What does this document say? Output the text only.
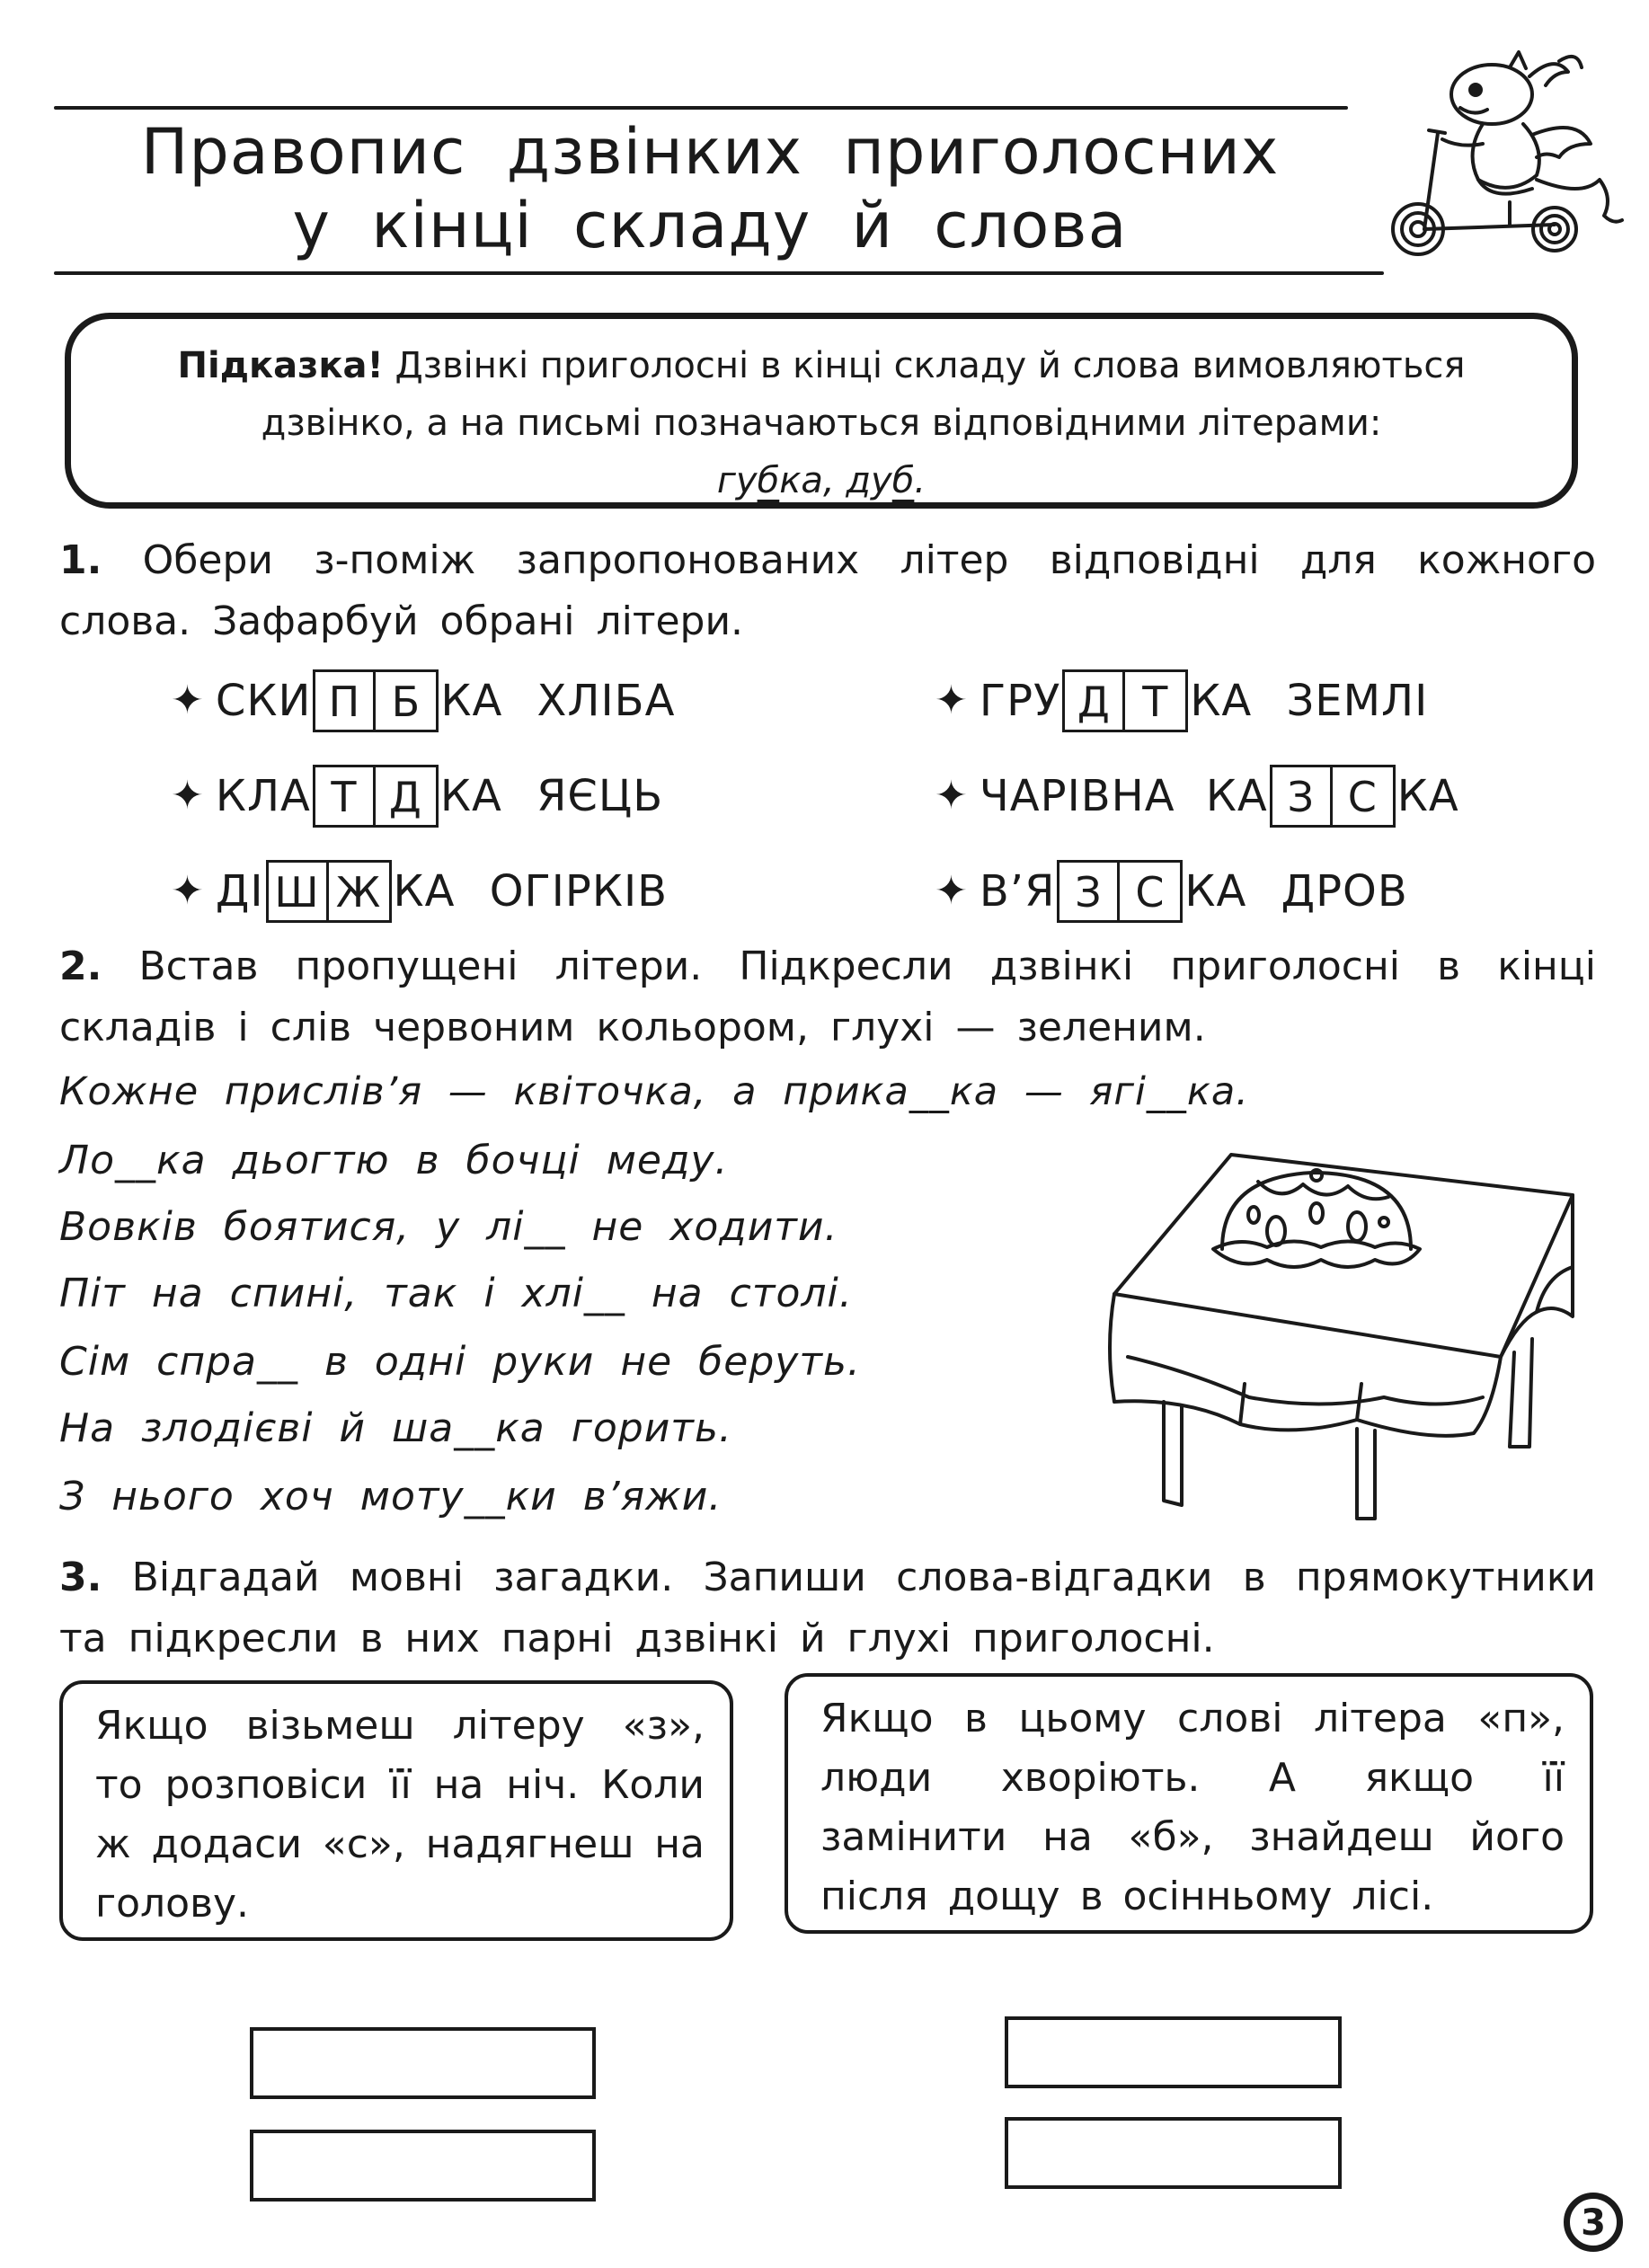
Правопис дзвінких приголосних
у кінці складу й слова
Підказка! Дзвінкі приголосні в кінці складу й слова вимовляються
дзвінко, а на письмі позначаються відповідними літерами:
губка, дуб.
1. Обери з-поміж запропонованих літер відповідні для кожного слова. Зафарбуй обрані літери.
✦ СКИ П Б КА ХЛІБА	✦ ГРУ Д Т КА ЗЕМЛІ
✦ КЛА Т Д КА ЯЄЦЬ	✦ ЧАРІВНА КА З С КА
✦ ДІ Ш Ж КА ОГІРКІВ	✦ В’Я З С КА ДРОВ
2. Встав пропущені літери. Підкресли дзвінкі приголосні в кінці складів і слів червоним кольором, глухі — зеленим.
Кожне прислів’я — квіточка, а прика__ка — ягі__ка.
Ло__ка дьогтю в бочці меду.
Вовків боятися, у лі__ не ходити.
Піт на спині, так і хлі__ на столі.
Сім спра__ в одні руки не беруть.
На злодієві й ша__ка горить.
З нього хоч моту__ки в’яжи.
3. Відгадай мовні загадки. Запиши слова-відгадки в прямокутники та підкресли в них парні дзвінкі й глухі приголосні.
Якщо візьмеш літеру «з», то розповіси її на ніч. Коли ж додаси «с», надягнеш на голову.
Якщо в цьому слові літера «п», люди хворіють. А якщо її замінити на «б», знайдеш його після дощу в осінньому лісі.
3
